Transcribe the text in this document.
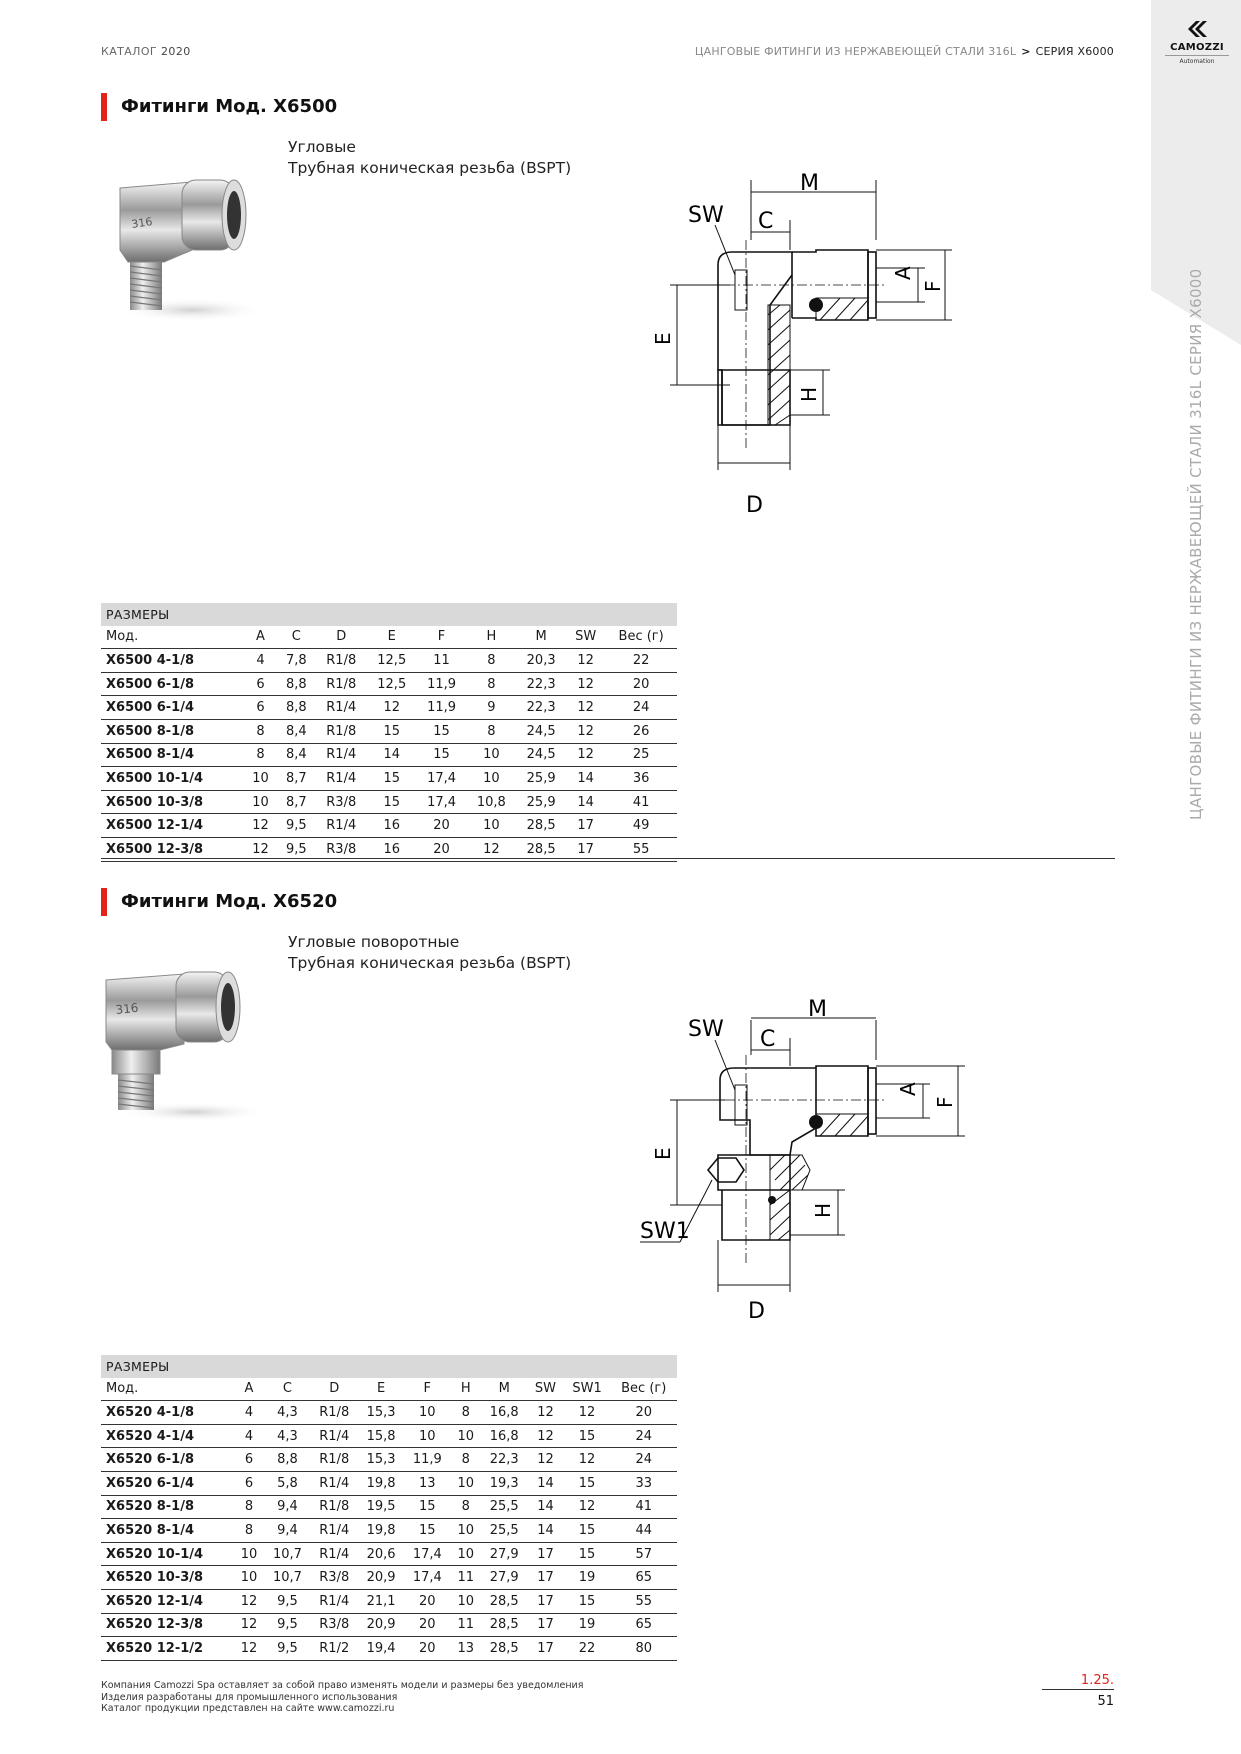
КАТАЛОГ 2020	ЦАНГОВЫЕ ФИТИНГИ ИЗ НЕРЖАВЕЮЩЕЙ СТАЛИ 316L > СЕРИЯ X6000	CAMOZZI
Automation
ЦАНГОВЫЕ ФИТИНГИ ИЗ НЕРЖАВЕЮЩЕЙ СТАЛИ 316L СЕРИЯ X6000
Фитинги Мод. X6500
Угловые
Трубная коническая резьба (BSPT)
316
M
SW C
A
F
E
H
D
РАЗМЕРЫ									
Мод.	A	C	D	E	F	H	M	SW	Вес (г)
X6500 4-1/8	4	7,8	R1/8	12,5	11	8	20,3	12	22
X6500 6-1/8	6	8,8	R1/8	12,5	11,9	8	22,3	12	20
X6500 6-1/4	6	8,8	R1/4	12	11,9	9	22,3	12	24
X6500 8-1/8	8	8,4	R1/8	15	15	8	24,5	12	26
X6500 8-1/4	8	8,4	R1/4	14	15	10	24,5	12	25
X6500 10-1/4	10	8,7	R1/4	15	17,4	10	25,9	14	36
X6500 10-3/8	10	8,7	R3/8	15	17,4	10,8	25,9	14	41
X6500 12-1/4	12	9,5	R1/4	16	20	10	28,5	17	49
X6500 12-3/8	12	9,5	R3/8	16	20	12	28,5	17	55
Фитинги Мод. X6520
Угловые поворотные
Трубная коническая резьба (BSPT)
316	M
SW C
A
F
E
H
D
SW1
РАЗМЕРЫ										
Мод.	A	C	D	E	F	H	M	SW	SW1	Вес (г)
X6520 4-1/8	4	4,3	R1/8	15,3	10	8	16,8	12	12	20
X6520 4-1/4	4	4,3	R1/4	15,8	10	10	16,8	12	15	24
X6520 6-1/8	6	8,8	R1/8	15,3	11,9	8	22,3	12	12	24
X6520 6-1/4	6	5,8	R1/4	19,8	13	10	19,3	14	15	33
X6520 8-1/8	8	9,4	R1/8	19,5	15	8	25,5	14	12	41
X6520 8-1/4	8	9,4	R1/4	19,8	15	10	25,5	14	15	44
X6520 10-1/4	10	10,7	R1/4	20,6	17,4	10	27,9	17	15	57
X6520 10-3/8	10	10,7	R3/8	20,9	17,4	11	27,9	17	19	65
X6520 12-1/4	12	9,5	R1/4	21,1	20	10	28,5	17	15	55
X6520 12-3/8	12	9,5	R3/8	20,9	20	11	28,5	17	19	65
X6520 12-1/2	12	9,5	R1/2	19,4	20	13	28,5	17	22	80
Компания Camozzi Spa оставляет за собой право изменять модели и размеры без уведомления
Изделия разработаны для промышленного использования
Каталог продукции представлен на сайте www.camozzi.ru
1.25.
51
